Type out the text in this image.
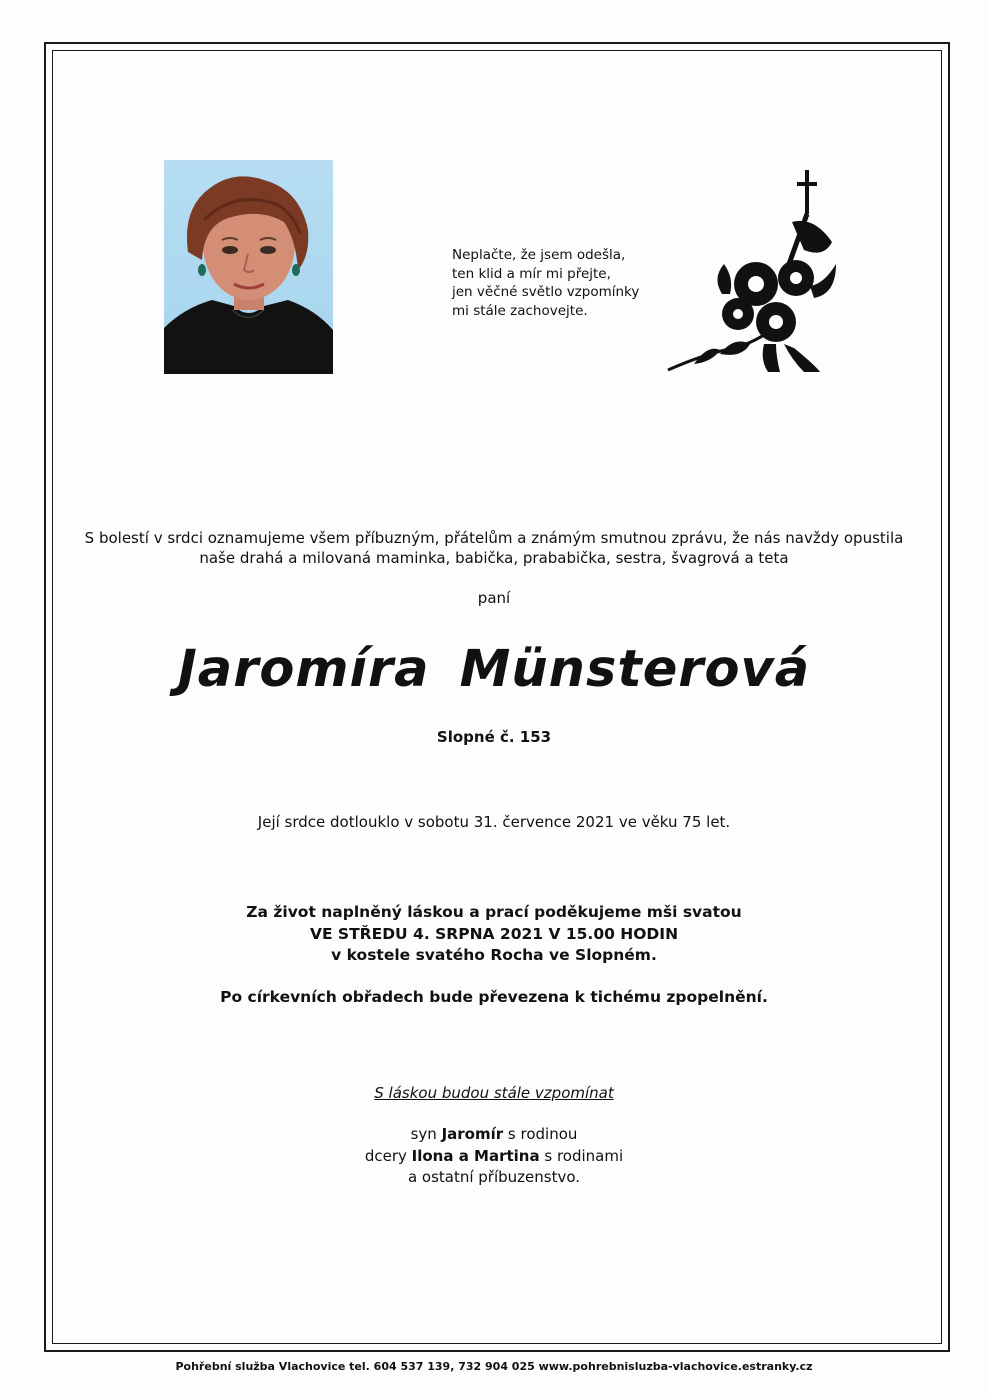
Neplačte, že jsem odešla,
ten klid a mír mi přejte,
jen věčné světlo vzpomínky
mi stále zachovejte.
S bolestí v srdci oznamujeme všem příbuzným, přátelům a známým smutnou zprávu, že nás navždy opustila
naše drahá a milovaná maminka, babička, prababička, sestra, švagrová a teta
paní
Jaromíra Münsterová
Slopné č. 153
Její srdce dotlouklo v sobotu 31. července 2021 ve věku 75 let.
Za život naplněný láskou a prací poděkujeme mši svatou
VE STŘEDU 4. SRPNA 2021 V 15.00 HODIN
v kostele svatého Rocha ve Slopném.
Po církevních obřadech bude převezena k tichému zpopelnění.
S láskou budou stále vzpomínat
syn Jaromír s rodinou
dcery Ilona a Martina s rodinami
a ostatní příbuzenstvo.
Pohřební služba Vlachovice tel. 604 537 139, 732 904 025 www.pohrebnisluzba-vlachovice.estranky.cz
